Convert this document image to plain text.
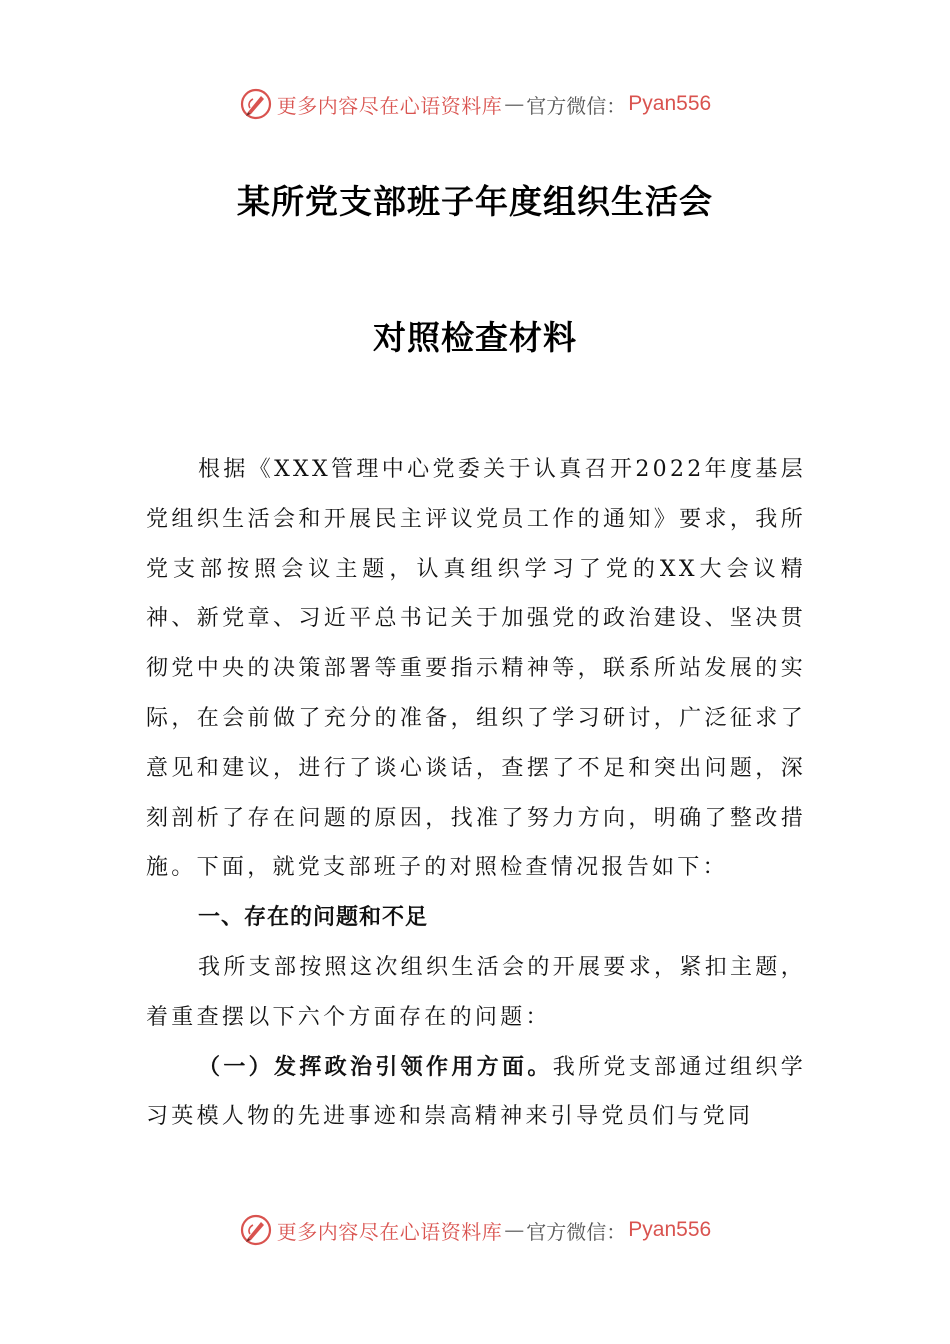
更多内容尽在心语资料库 — 官方微信： Pyan556
某所党支部班子年度组织生活会
对照检查材料

根据《XXX管理中心党委关于认真召开2022年度基层党组织生活会和开展民主评议党员工作的通知》要求，我所党支部按照会议主题，认真组织学习了党的XX大会议精神、新党章、习近平总书记关于加强党的政治建设、坚决贯彻党中央的决策部署等重要指示精神等，联系所站发展的实际，在会前做了充分的准备，组织了学习研讨，广泛征求了意见和建议，进行了谈心谈话，查摆了不足和突出问题，深刻剖析了存在问题的原因，找准了努力方向，明确了整改措施。下面，就党支部班子的对照检查情况报告如下：

一、存在的问题和不足

我所支部按照这次组织生活会的开展要求，紧扣主题，着重查摆以下六个方面存在的问题：

（一）发挥政治引领作用方面。我所党支部通过组织学习英模人物的先进事迹和崇高精神来引导党员们与党同

更多内容尽在心语资料库 — 官方微信： Pyan556
